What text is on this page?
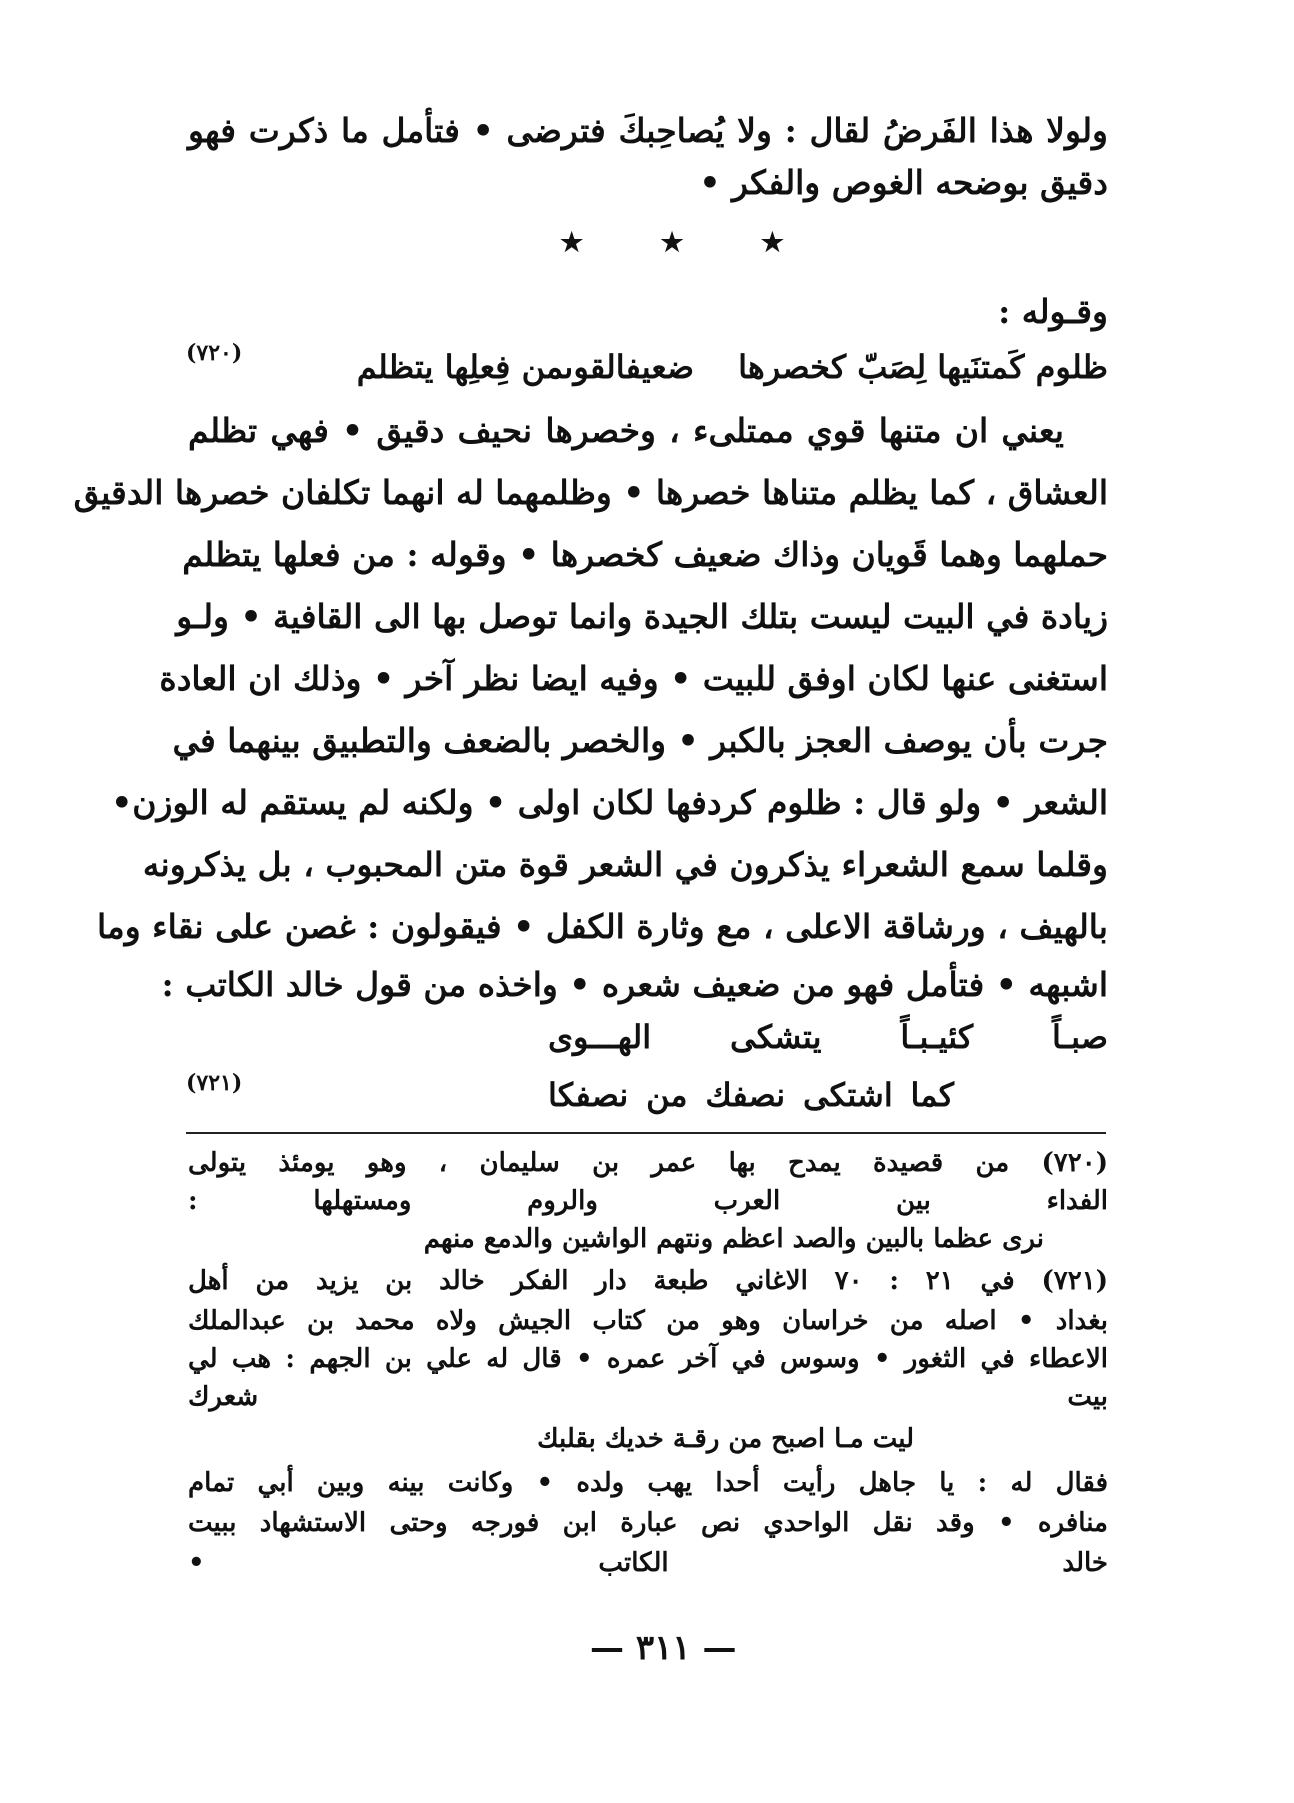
ولولا هذا الفَرضُ لقال : ولا يُصاحِبكَ فترضى • فتأمل ما ذكرت فهو
دقيق بوضحه الغوص والفكر •
★ ★ ★
وقـوله :
ظلوم كَمتنَيها لِصَبّ كخصرها
ضعيفالقوىمن فِعلِها يتظلم
(٧٢٠)
يعني ان متنها قوي ممتلىء ، وخصرها نحيف دقيق • فهي تظلم
العشاق ، كما يظلم متناها خصرها • وظلمهما له انهما تكلفان خصرها الدقيق
حملهما وهما قَويان وذاك ضعيف كخصرها • وقوله : من فعلها يتظلم
زيادة في البيت ليست بتلك الجيدة وانما توصل بها الى القافية • ولـو
استغنى عنها لكان اوفق للبيت • وفيه ايضا نظر آخر • وذلك ان العادة
جرت بأن يوصف العجز بالكبر • والخصر بالضعف والتطبيق بينهما في
الشعر • ولو قال : ظلوم كردفها لكان اولى • ولكنه لم يستقم له الوزن•
وقلما سمع الشعراء يذكرون في الشعر قوة متن المحبوب ، بل يذكرونه
بالهيف ، ورشاقة الاعلى ، مع وثارة الكفل • فيقولون : غصن على نقاء وما
اشبهه • فتأمل فهو من ضعيف شعره • واخذه من قول خالد الكاتب :
صبـاً كئيـبـاً يتشكى الهـــوى
كما اشتكى نصفك من نصفكا
(٧٢١)
(٧٢٠) من قصيدة يمدح بها عمر بن سليمان ، وهو يومئذ يتولى
الفداء بين العرب والروم ومستهلها :
نرى عظما بالبين والصد اعظم ونتهم الواشين والدمع منهم
(٧٢١) في ٢١ : ٧٠ الاغاني طبعة دار الفكر خالد بن يزيد من أهل
بغداد • اصله من خراسان وهو من كتاب الجيش ولاه محمد بن عبدالملك
الاعطاء في الثغور • وسوس في آخر عمره • قال له علي بن الجهم : هب لي
بيت شعرك
ليت مـا اصبح من رقـة خديك بقلبك
فقال له : يا جاهل رأيت أحدا يهب ولده • وكانت بينه وبين أبي تمام
منافره • وقد نقل الواحدي نص عبارة ابن فورجه وحتى الاستشهاد ببيت
خالد الكاتب •
— ٣١١ —
